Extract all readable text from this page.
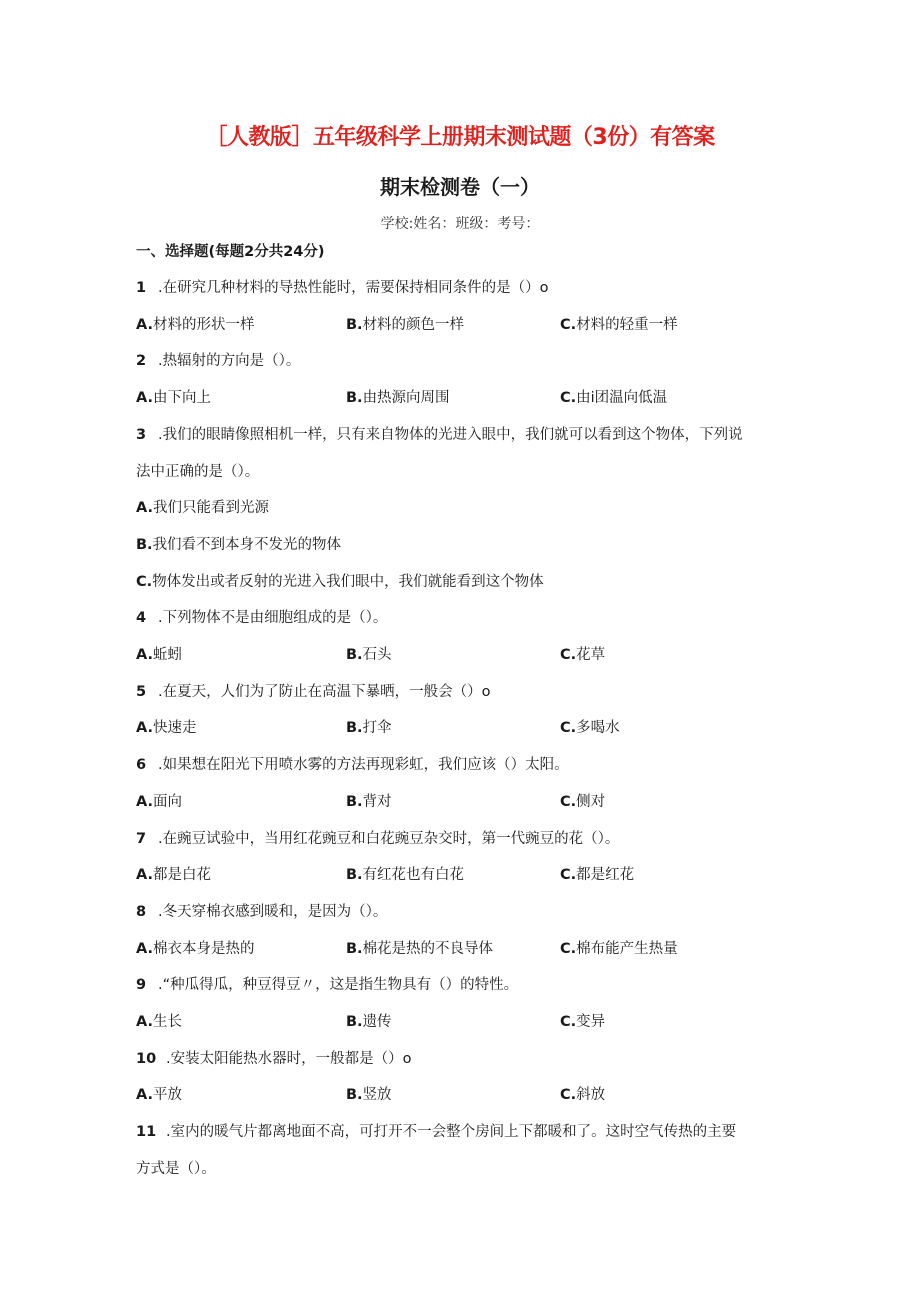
［人教版］五年级科学上册期末测试题（3份）有答案
期末检测卷（一）
学校:姓名：班级：考号：
一、选择题(每题2分共24分)
1 .在研究几种材料的导热性能时，需要保持相同条件的是（）o
A.材料的形状一样	B.材料的颜色一样	C.材料的轻重一样
2 .热辐射的方向是（）。
A.由下向上	B.由热源向周围	C.由i团温向低温
3 .我们的眼睛像照相机一样，只有来自物体的光进入眼中，我们就可以看到这个物体，下列说
法中正确的是（）。
A.我们只能看到光源
B.我们看不到本身不发光的物体
C.物体发出或者反射的光进入我们眼中，我们就能看到这个物体
4 .下列物体不是由细胞组成的是（）。
A.蚯蚓	B.石头	C.花草
5 .在夏天，人们为了防止在高温下暴晒，一般会（）o
A.快速走	B.打伞	C.多喝水
6 .如果想在阳光下用喷水雾的方法再现彩虹，我们应该（）太阳。
A.面向	B.背对	C.侧对
7 .在豌豆试验中，当用红花豌豆和白花豌豆杂交时，第一代豌豆的花（）。
A.都是白花	B.有红花也有白花	C.都是红花
8 .冬天穿棉衣感到暖和，是因为（）。
A.棉衣本身是热的	B.棉花是热的不良导体	C.棉布能产生热量
9 .“种瓜得瓜，种豆得豆〃，这是指生物具有（）的特性。
A.生长	B.遗传	C.变异
10 .安装太阳能热水器时，一般都是（）o
A.平放	B.竖放	C.斜放
11 .室内的暖气片都离地面不高，可打开不一会整个房间上下都暖和了。这时空气传热的主要
方式是（）。
